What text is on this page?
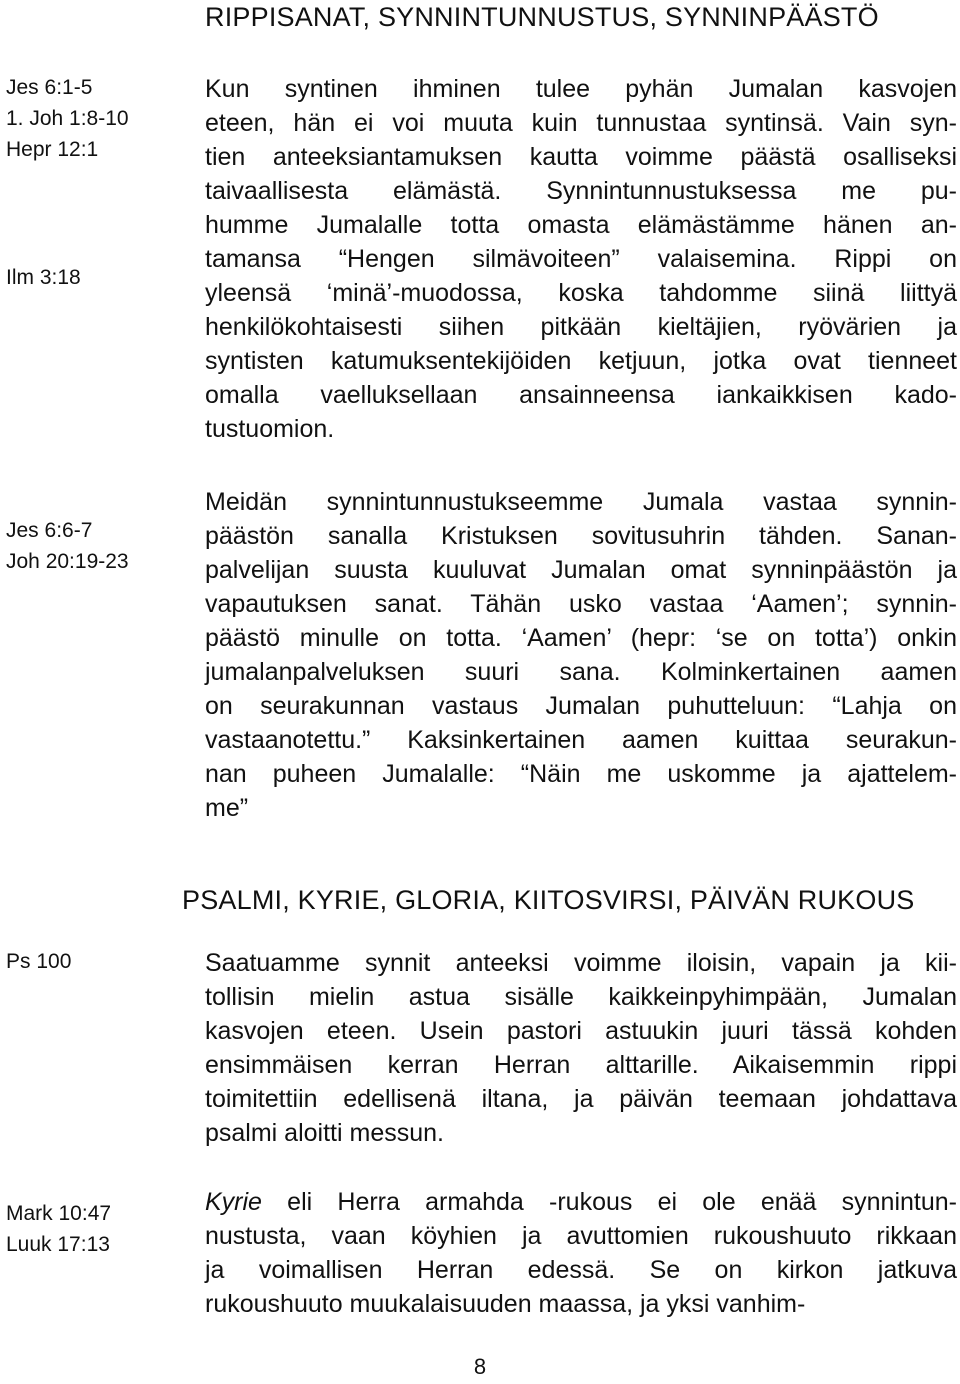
RIPPISANAT, SYNNINTUNNUSTUS, SYNNINPÄÄSTÖ
Jes 6:1-5
1. Joh 1:8-10
Hepr 12:1
Ilm 3:18
Jes 6:6-7
Joh 20:19-23
Kun syntinen ihminen tulee pyhän Jumalan kasvojen
eteen, hän ei voi muuta kuin tunnustaa syntinsä. Vain syn-
tien anteeksiantamuksen kautta voimme päästä osalliseksi
taivaallisesta elämästä. Synnintunnustuksessa me pu-
humme Jumalalle totta omasta elämästämme hänen an-
tamansa “Hengen silmävoiteen” valaisemina. Rippi on
yleensä ‘minä’-muodossa, koska tahdomme siinä liittyä
henkilökohtaisesti siihen pitkään kieltäjien, ryövärien ja
syntisten katumuksentekijöiden ketjuun, jotka ovat tienneet
omalla vaelluksellaan ansainneensa iankaikkisen kado-
tustuomion.
Meidän synnintunnustukseemme Jumala vastaa synnin-
päästön sanalla Kristuksen sovitusuhrin tähden. Sanan-
palvelijan suusta kuuluvat Jumalan omat synninpäästön ja
vapautuksen sanat. Tähän usko vastaa ‘Aamen’; synnin-
päästö minulle on totta. ‘Aamen’ (hepr: ‘se on totta’) onkin
jumalanpalveluksen suuri sana. Kolminkertainen aamen
on seurakunnan vastaus Jumalan puhutteluun: “Lahja on
vastaanotettu.” Kaksinkertainen aamen kuittaa seurakun-
nan puheen Jumalalle: “Näin me uskomme ja ajattelem-
me”
PSALMI, KYRIE, GLORIA, KIITOSVIRSI, PÄIVÄN RUKOUS
Ps 100
Mark 10:47
Luuk 17:13
Saatuamme synnit anteeksi voimme iloisin, vapain ja kii-
tollisin mielin astua sisälle kaikkeinpyhimpään, Jumalan
kasvojen eteen. Usein pastori astuukin juuri tässä kohden
ensimmäisen kerran Herran alttarille. Aikaisemmin rippi
toimitettiin edellisenä iltana, ja päivän teemaan johdattava
psalmi aloitti messun.
Kyrie eli Herra armahda -rukous ei ole enää synnintun-
nustusta, vaan köyhien ja avuttomien rukoushuuto rikkaan
ja voimallisen Herran edessä. Se on kirkon jatkuva
rukoushuuto muukalaisuuden maassa, ja yksi vanhim-
8
